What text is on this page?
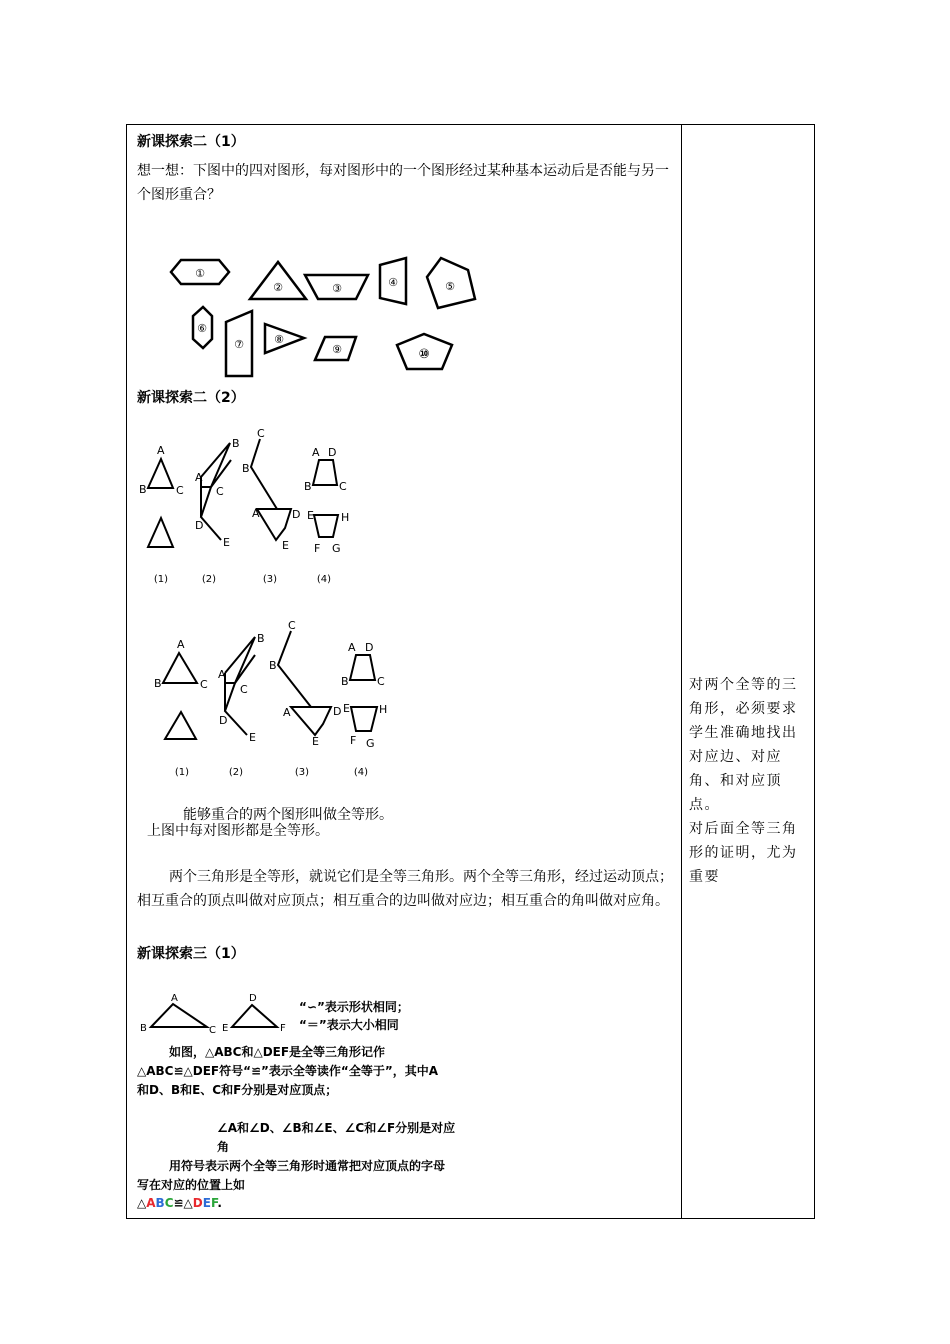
新课探索二（1）
想一想：下图中的四对图形，每对图形中的一个图形经过某种基本运动后是否能与另一个图形重合？
①
②	③	④	⑤
⑥
⑦	⑧
⑨	⑩
新课探索二（2）
A
B	C
A
B
C
D
E
C
B
A	D
E
A D
B C
E H
F G
(1)	(2)	(3)	(4)
A
B	C
A
B
C
D
E
C
B
A	D
E
A D
B	C
E	H
F G
(1)	(2)	(3)	(4)
能够重合的两个图形叫做全等形。
上图中每对图形都是全等形。
两个三角形是全等形，就说它们是全等三角形。两个全等三角形，经过运动顶点；相互重合的顶点叫做对应顶点；相互重合的边叫做对应边；相互重合的角叫做对应角。
新课探索三（1）
A
B	C
D
E	F
“∽”表示形状相同；
“＝”表示大小相同
如图，△ABC和△DEF是全等三角形记作△ABC≌△DEF符号“≌”表示全等读作“全等于”，其中A和D、B和E、C和F分别是对应顶点；
∠A和∠D、∠B和∠E、∠C和∠F分别是对应角
用符号表示两个全等三角形时通常把对应顶点的字母写在对应的位置上如
△ABC≌△DEF.

对两个全等的三角形，必须要求学生准确地找出对应边、对应角、和对应顶点。

对后面全等三角形的证明，尤为重要
